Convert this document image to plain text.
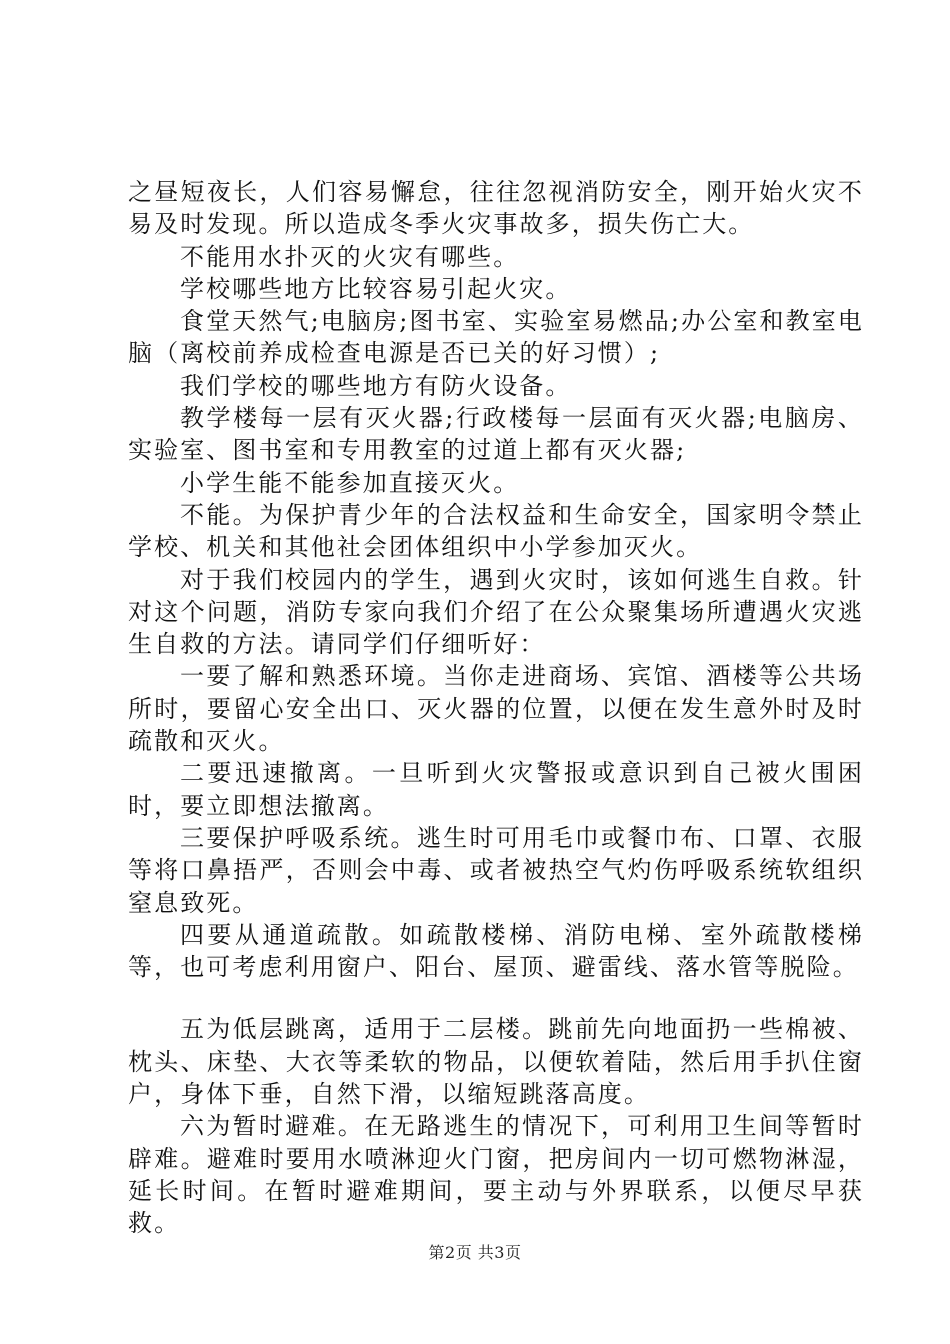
之昼短夜长，人们容易懈怠，往往忽视消防安全，刚开始火灾不易及时发现。所以造成冬季火灾事故多，损失伤亡大。

不能用水扑灭的火灾有哪些。

学校哪些地方比较容易引起火灾。

食堂天然气;电脑房;图书室、实验室易燃品;办公室和教室电脑（离校前养成检查电源是否已关的好习惯）;

我们学校的哪些地方有防火设备。

教学楼每一层有灭火器;行政楼每一层面有灭火器;电脑房、实验室、图书室和专用教室的过道上都有灭火器;

小学生能不能参加直接灭火。

不能。为保护青少年的合法权益和生命安全，国家明令禁止学校、机关和其他社会团体组织中小学参加灭火。

对于我们校园内的学生，遇到火灾时，该如何逃生自救。针对这个问题，消防专家向我们介绍了在公众聚集场所遭遇火灾逃生自救的方法。请同学们仔细听好：

一要了解和熟悉环境。当你走进商场、宾馆、酒楼等公共场所时，要留心安全出口、灭火器的位置，以便在发生意外时及时疏散和灭火。

二要迅速撤离。一旦听到火灾警报或意识到自己被火围困时，要立即想法撤离。

三要保护呼吸系统。逃生时可用毛巾或餐巾布、口罩、衣服等将口鼻捂严，否则会中毒、或者被热空气灼伤呼吸系统软组织窒息致死。

四要从通道疏散。如疏散楼梯、消防电梯、室外疏散楼梯等，也可考虑利用窗户、阳台、屋顶、避雷线、落水管等脱险。

五为低层跳离，适用于二层楼。跳前先向地面扔一些棉被、枕头、床垫、大衣等柔软的物品，以便软着陆，然后用手扒住窗户，身体下垂，自然下滑，以缩短跳落高度。

六为暂时避难。在无路逃生的情况下，可利用卫生间等暂时辟难。避难时要用水喷淋迎火门窗，把房间内一切可燃物淋湿，延长时间。在暂时避难期间，要主动与外界联系，以便尽早获救。

第2页 共3页
